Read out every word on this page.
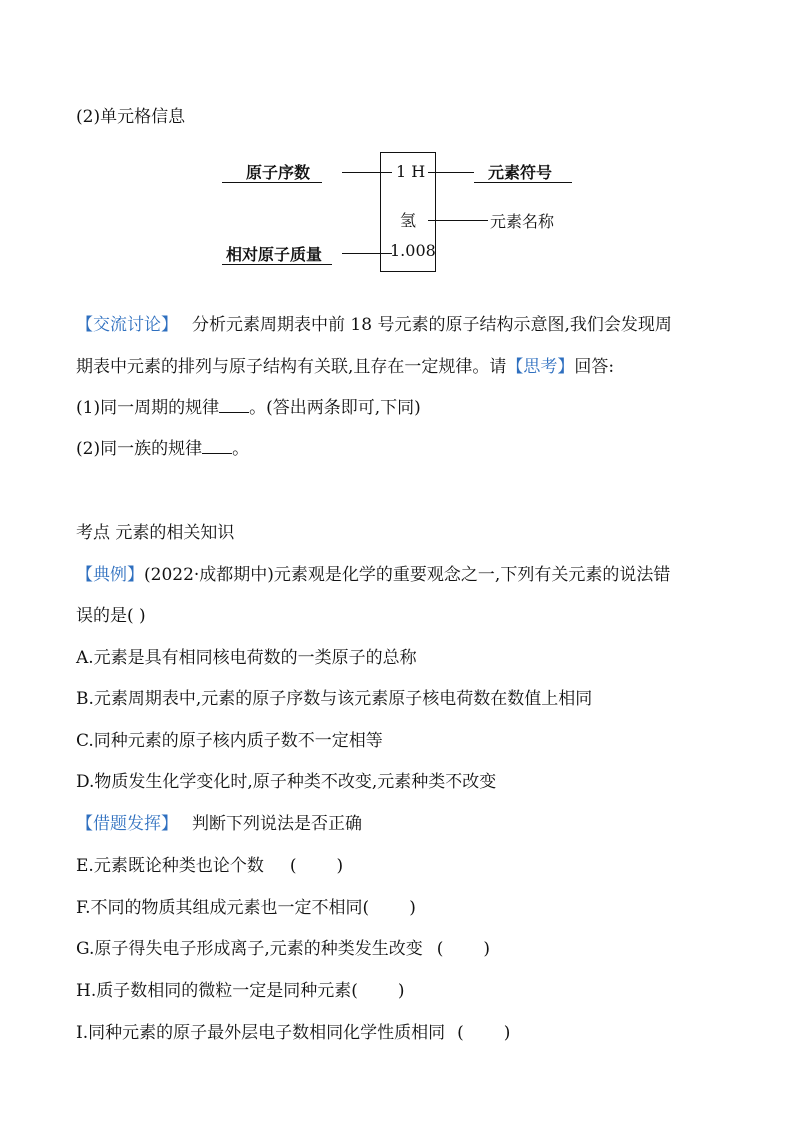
(2)单元格信息
原子序数	1 H
氢
1.008
元素符号
元素名称
相对原子质量
【交流讨论】 分析元素周期表中前 18 号元素的原子结构示意图,我们会发现周
期表中元素的排列与原子结构有关联,且存在一定规律。请【思考】回答:
(1)同一周期的规律 。(答出两条即可,下同)
(2)同一族的规律 。
考点 元素的相关知识
【典例】(2022·成都期中)元素观是化学的重要观念之一,下列有关元素的说法错
误的是( )
A.元素是具有相同核电荷数的一类原子的总称
B.元素周期表中,元素的原子序数与该元素原子核电荷数在数值上相同
C.同种元素的原子核内质子数不一定相等
D.物质发生化学变化时,原子种类不改变,元素种类不改变
【借题发挥】 判断下列说法是否正确
E.元素既论种类也论个数 ( )
F.不同的物质其组成元素也一定不相同( )
G.原子得失电子形成离子,元素的种类发生改变 ( )
H.质子数相同的微粒一定是同种元素( )
I.同种元素的原子最外层电子数相同化学性质相同 ( )
